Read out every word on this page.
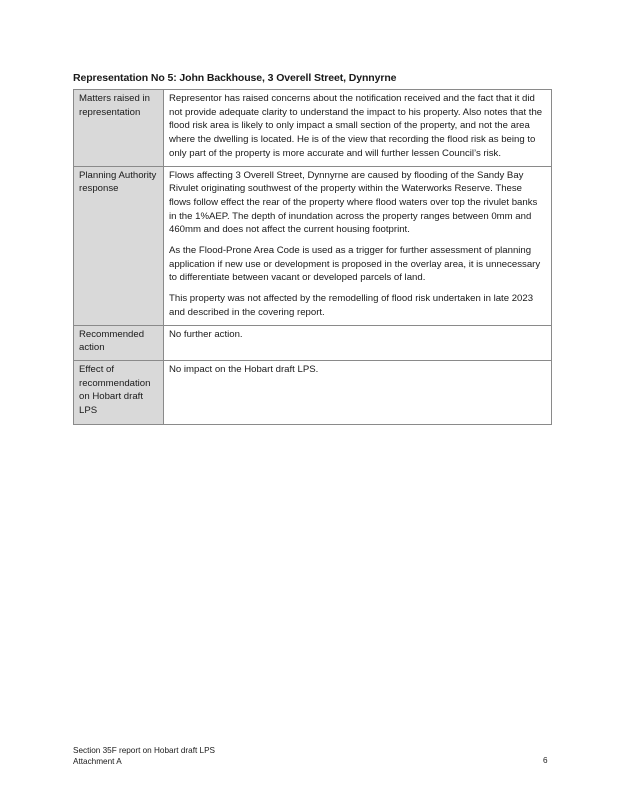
Representation No 5: John Backhouse, 3 Overell Street, Dynnyrne
Matters raised in representation	Representor has raised concerns about the notification received and the fact that it did not provide adequate clarity to understand the impact to his property. Also notes that the flood risk area is likely to only impact a small section of the property, and not the area where the dwelling is located. He is of the view that recording the flood risk as being to only part of the property is more accurate and will further lessen Council’s risk.

Planning Authority response	Flows affecting 3 Overell Street, Dynnyrne are caused by flooding of the Sandy Bay Rivulet originating southwest of the property within the Waterworks Reserve. These flows follow effect the rear of the property where flood waters over top the rivulet banks in the 1%AEP. The depth of inundation across the property ranges between 0mm and 460mm and does not affect the current housing footprint.

As the Flood-Prone Area Code is used as a trigger for further assessment of planning application if new use or development is proposed in the overlay area, it is unnecessary to differentiate between vacant or developed parcels of land.

This property was not affected by the remodelling of flood risk undertaken in late 2023 and described in the covering report.

Recommended action	No further action.

Effect of recommendation on Hobart draft LPS	No impact on the Hobart draft LPS.

Section 35F report on Hobart draft LPS
Attachment A	6
